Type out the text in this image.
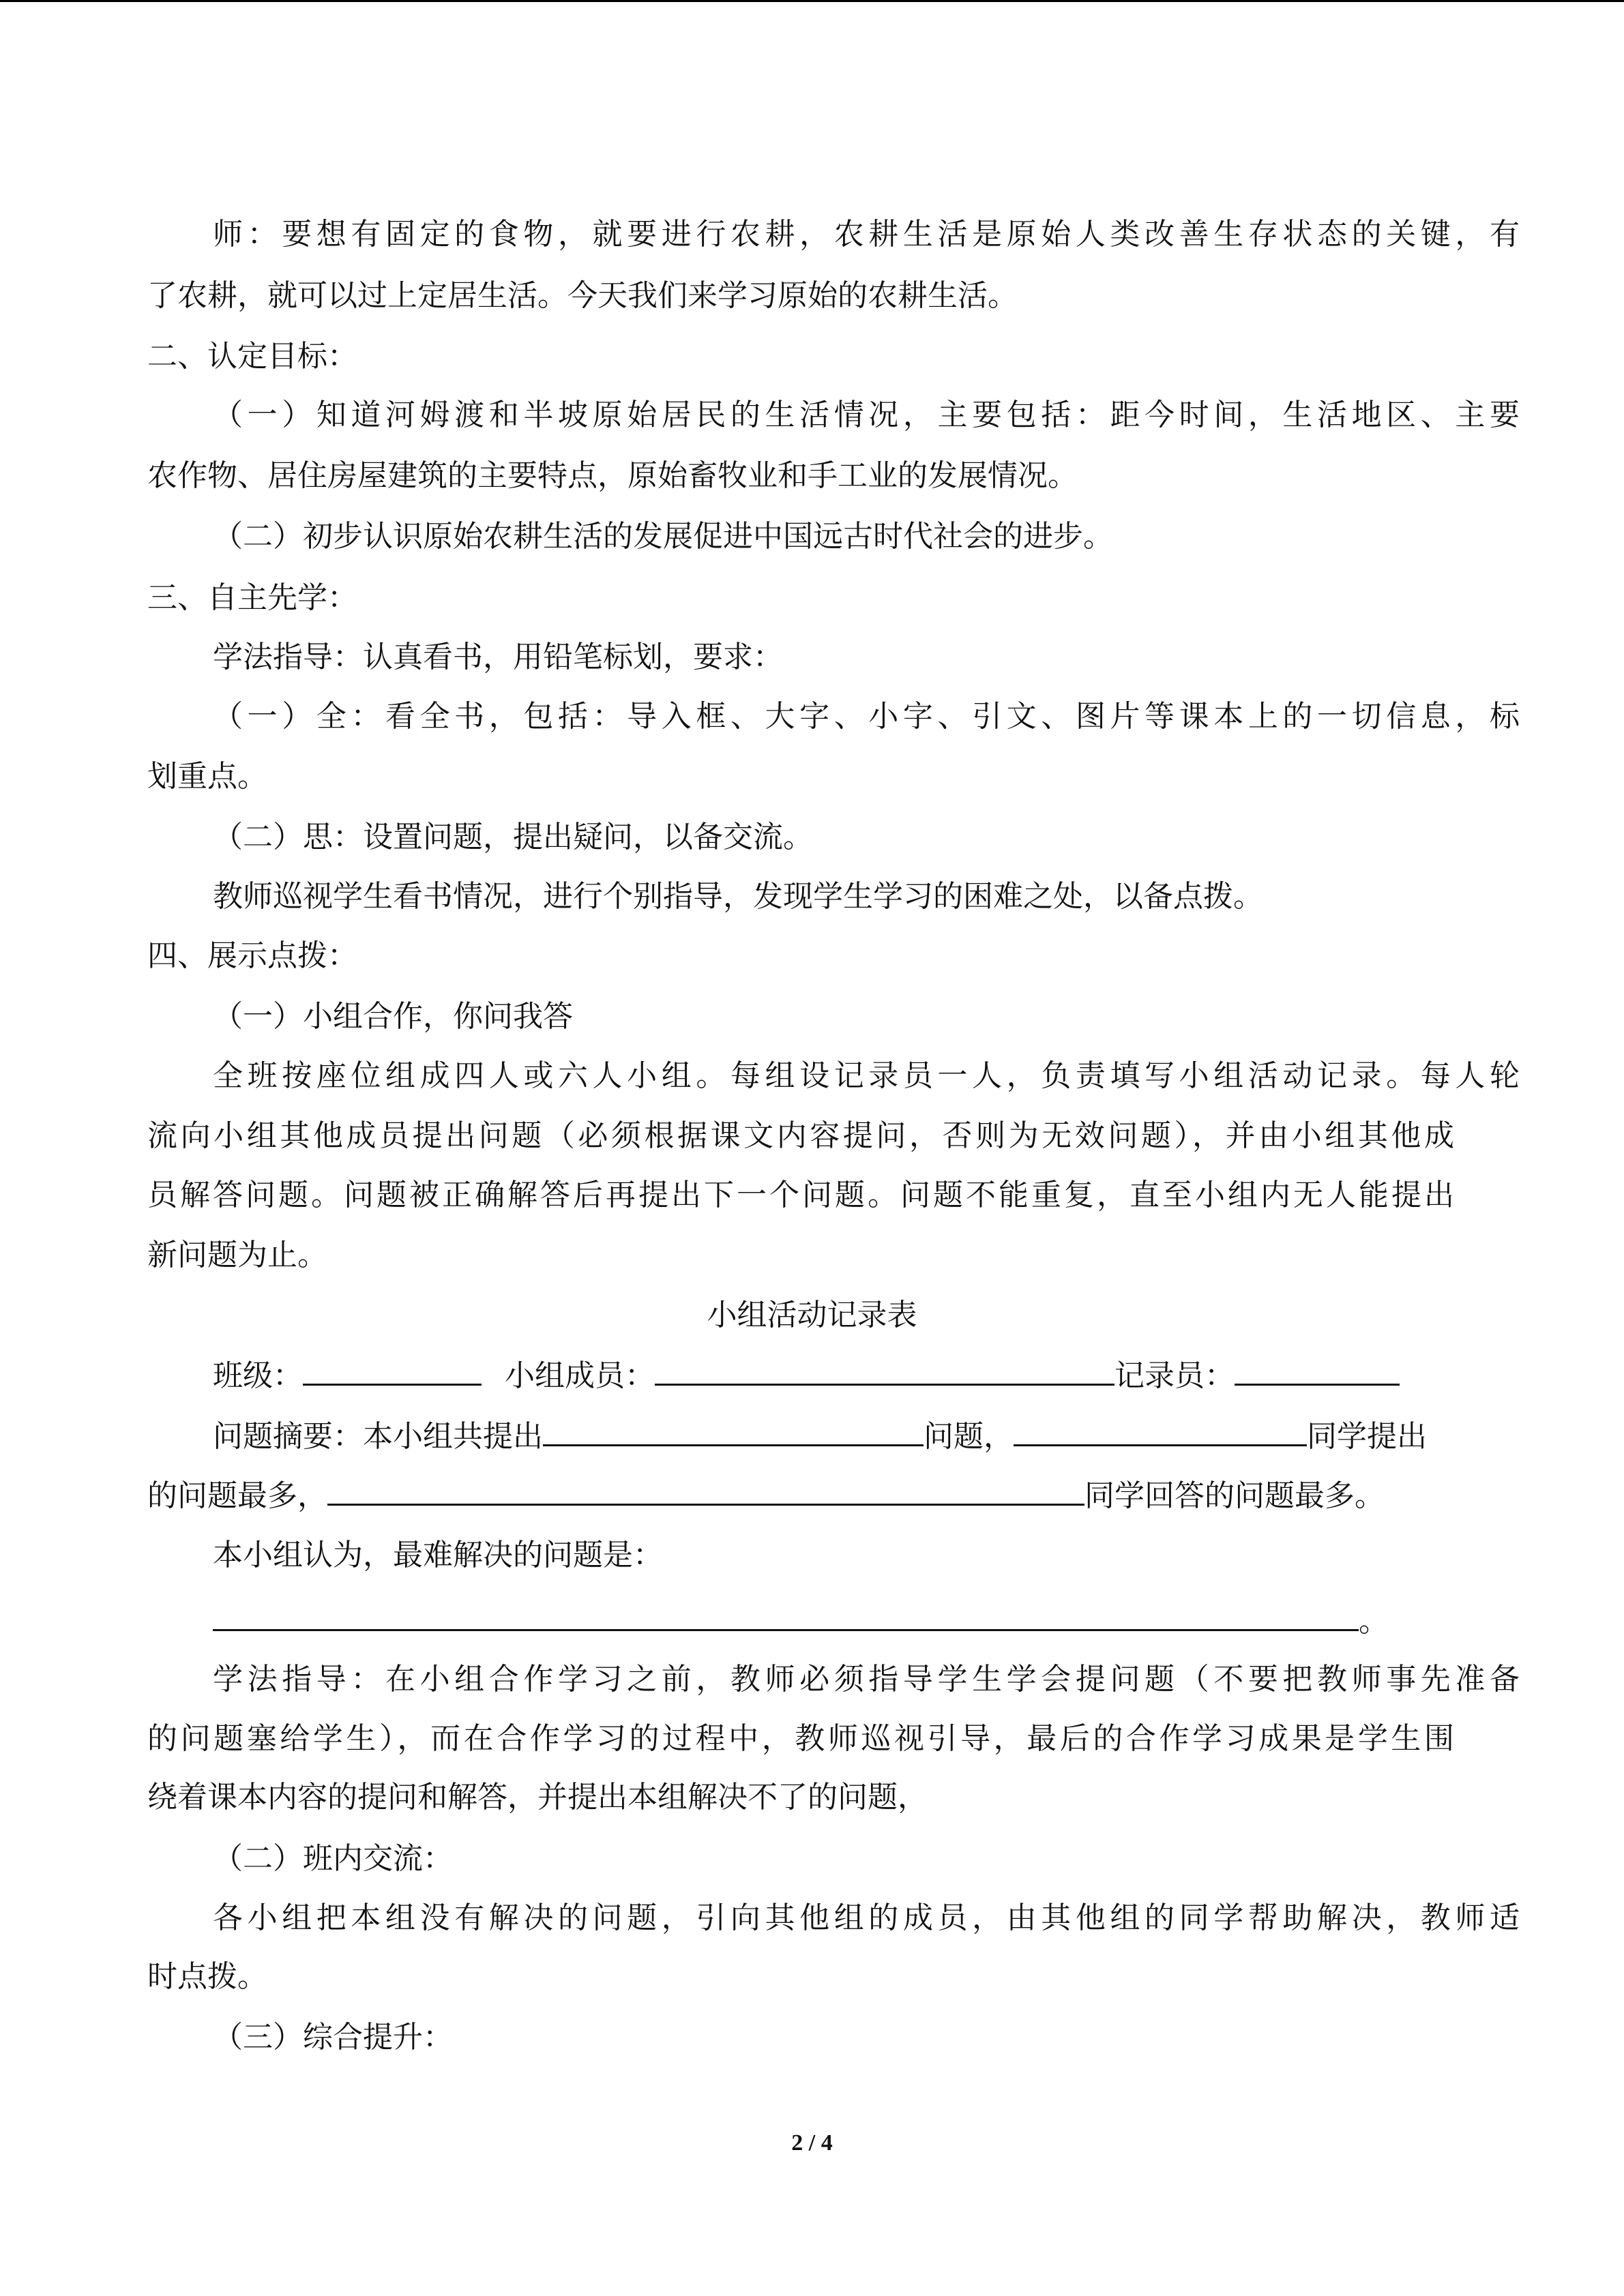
师：要想有固定的食物，就要进行农耕，农耕生活是原始人类改善生存状态的关键，有
了农耕，就可以过上定居生活。今天我们来学习原始的农耕生活。
二、认定目标：
（一）知道河姆渡和半坡原始居民的生活情况，主要包括：距今时间，生活地区、主要
农作物、居住房屋建筑的主要特点，原始畜牧业和手工业的发展情况。
（二）初步认识原始农耕生活的发展促进中国远古时代社会的进步。
三、自主先学：
学法指导：认真看书，用铅笔标划，要求：
（一）全：看全书，包括：导入框、大字、小字、引文、图片等课本上的一切信息，标
划重点。
（二）思：设置问题，提出疑问，以备交流。
教师巡视学生看书情况，进行个别指导，发现学生学习的困难之处，以备点拨。
四、展示点拨：
（一）小组合作，你问我答
全班按座位组成四人或六人小组。每组设记录员一人，负责填写小组活动记录。每人轮
流向小组其他成员提出问题（必须根据课文内容提问，否则为无效问题），并由小组其他成
员解答问题。问题被正确解答后再提出下一个问题。问题不能重复，直至小组内无人能提出
新问题为止。
小组活动记录表
班级：	小组成员：	记录员：
问题摘要：本小组共提出	问题，	同学提出
的问题最多，	同学回答的问题最多。
本小组认为，最难解决的问题是：
。
学法指导：在小组合作学习之前，教师必须指导学生学会提问题（不要把教师事先准备
的问题塞给学生），而在合作学习的过程中，教师巡视引导，最后的合作学习成果是学生围
绕着课本内容的提问和解答，并提出本组解决不了的问题，
（二）班内交流：
各小组把本组没有解决的问题，引向其他组的成员，由其他组的同学帮助解决，教师适
时点拨。
（三）综合提升：
2 / 4
